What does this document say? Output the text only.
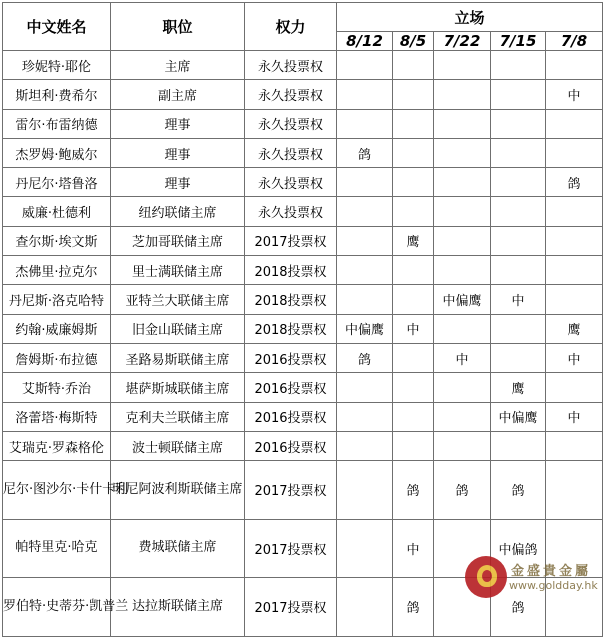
中文姓名	职位	权力	立场				
			8/12	8/5	7/22	7/15	7/8
珍妮特·耶伦	主席	永久投票权					
斯坦利·费希尔	副主席	永久投票权					中
雷尔·布雷纳德	理事	永久投票权					
杰罗姆·鲍威尔	理事	永久投票权	鸽				
丹尼尔·塔鲁洛	理事	永久投票权					鸽
威廉·杜德利	纽约联储主席	永久投票权					
查尔斯·埃文斯	芝加哥联储主席	2017投票权		鹰			
杰佛里·拉克尔	里士满联储主席	2018投票权					
丹尼斯·洛克哈特	亚特兰大联储主席	2018投票权			中偏鹰	中	
约翰·威廉姆斯	旧金山联储主席	2018投票权	中偏鹰	中			鹰
詹姆斯·布拉德	圣路易斯联储主席	2016投票权	鸽		中		中
艾斯特·乔治	堪萨斯城联储主席	2016投票权				鹰	
洛蕾塔·梅斯特	克利夫兰联储主席	2016投票权				中偏鹰	中
艾瑞克·罗森格伦	波士顿联储主席	2016投票权					
尼尔·图沙尔·卡什卡利	明尼阿波利斯联储主席	2017投票权		鸽	鸽	鸽	
帕特里克·哈克	费城联储主席	2017投票权		中		中偏鸽	
罗伯特·史蒂芬·凯普兰	达拉斯联储主席	2017投票权		鸽		鸽	
金盛貴金屬
www.goldday.hk
